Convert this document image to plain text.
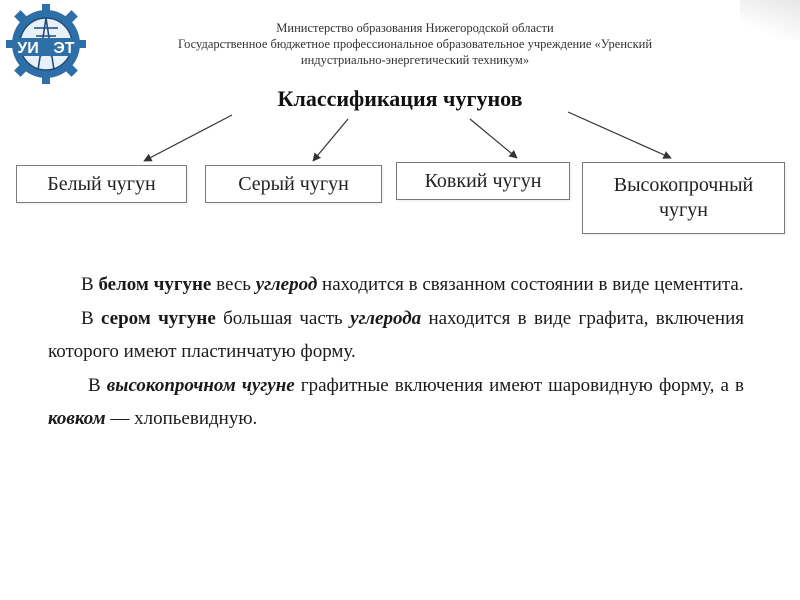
УИ ЭТ
Министерство образования Нижегородской области
Государственное бюджетное профессиональное образовательное учреждение «Уренский
индустриально-энергетический техникум»
Классификация чугунов
Белый чугун	Серый чугун	Ковкий чугун	Высокопрочный
чугун

В белом чугуне весь углерод находится в связанном состоянии в виде цементита.

В сером чугуне большая часть углерода находится в виде графита, включения которого имеют пластинчатую форму.

В высокопрочном чугуне графитные включения имеют шаровидную форму, а в ковком — хлопьевидную.
